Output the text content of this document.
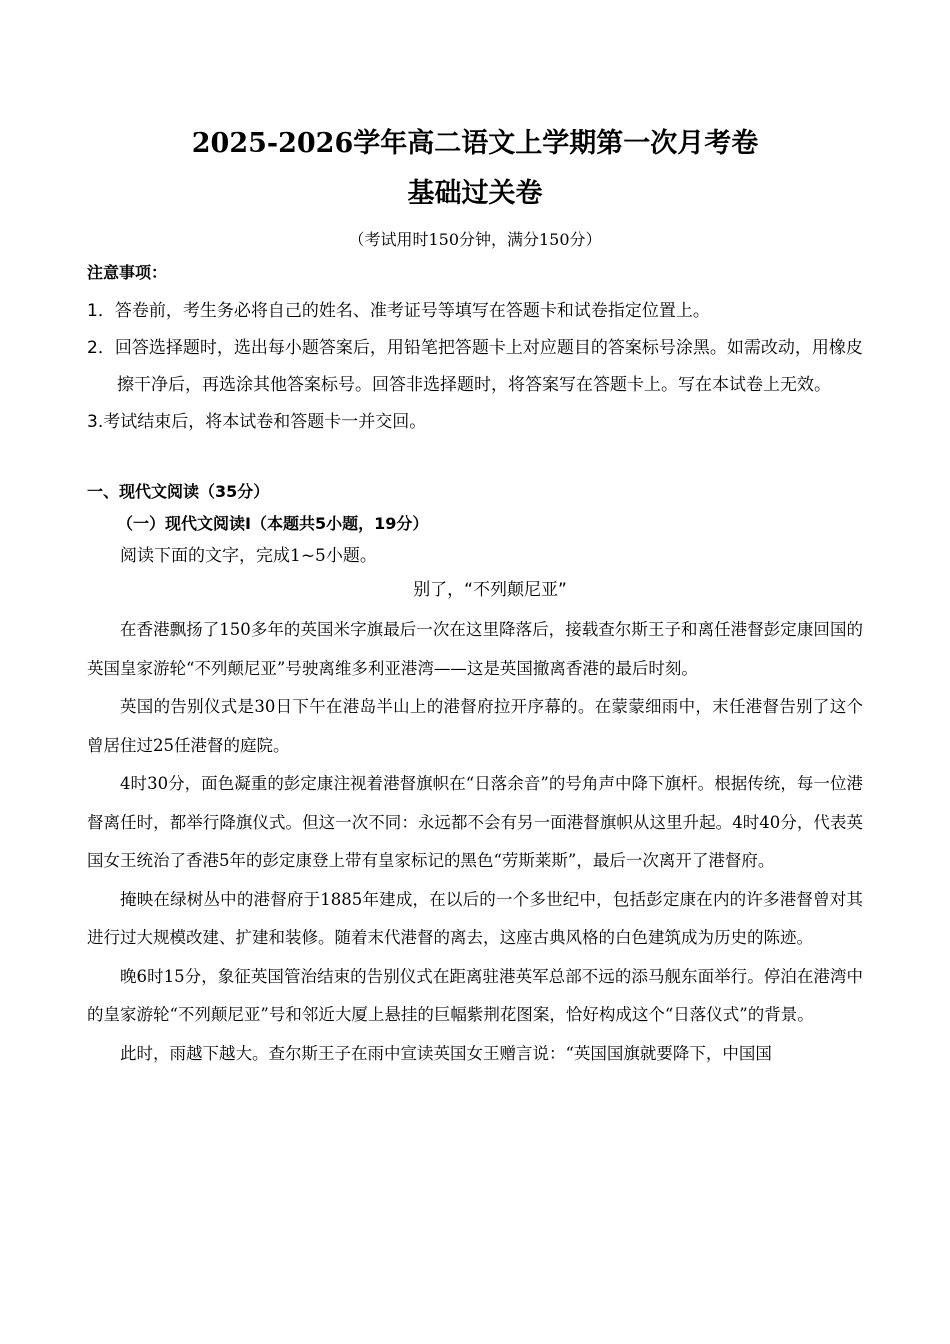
2025-2026学年高二语文上学期第一次月考卷
基础过关卷
（考试用时150分钟，满分150分）
注意事项：
1．答卷前，考生务必将自己的姓名、准考证号等填写在答题卡和试卷指定位置上。
2．回答选择题时，选出每小题答案后，用铅笔把答题卡上对应题目的答案标号涂黑。如需改动，用橡皮擦干净后，再选涂其他答案标号。回答非选择题时，将答案写在答题卡上。写在本试卷上无效。
3.考试结束后，将本试卷和答题卡一并交回。
一、现代文阅读（35分）
（一）现代文阅读Ⅰ（本题共5小题，19分）
阅读下面的文字，完成1~5小题。
别了，“不列颠尼亚”

在香港飘扬了150多年的英国米字旗最后一次在这里降落后，接载查尔斯王子和离任港督彭定康回国的英国皇家游轮“不列颠尼亚”号驶离维多利亚港湾——这是英国撤离香港的最后时刻。

英国的告别仪式是30日下午在港岛半山上的港督府拉开序幕的。在蒙蒙细雨中，末任港督告别了这个曾居住过25任港督的庭院。

4时30分，面色凝重的彭定康注视着港督旗帜在“日落余音”的号角声中降下旗杆。根据传统，每一位港督离任时，都举行降旗仪式。但这一次不同：永远都不会有另一面港督旗帜从这里升起。4时40分，代表英国女王统治了香港5年的彭定康登上带有皇家标记的黑色“劳斯莱斯”，最后一次离开了港督府。

掩映在绿树丛中的港督府于1885年建成，在以后的一个多世纪中，包括彭定康在内的许多港督曾对其进行过大规模改建、扩建和装修。随着末代港督的离去，这座古典风格的白色建筑成为历史的陈迹。

晚6时15分，象征英国管治结束的告别仪式在距离驻港英军总部不远的添马舰东面举行。停泊在港湾中的皇家游轮“不列颠尼亚”号和邻近大厦上悬挂的巨幅紫荆花图案，恰好构成这个“日落仪式”的背景。

此时，雨越下越大。查尔斯王子在雨中宣读英国女王赠言说：“英国国旗就要降下，中国国
